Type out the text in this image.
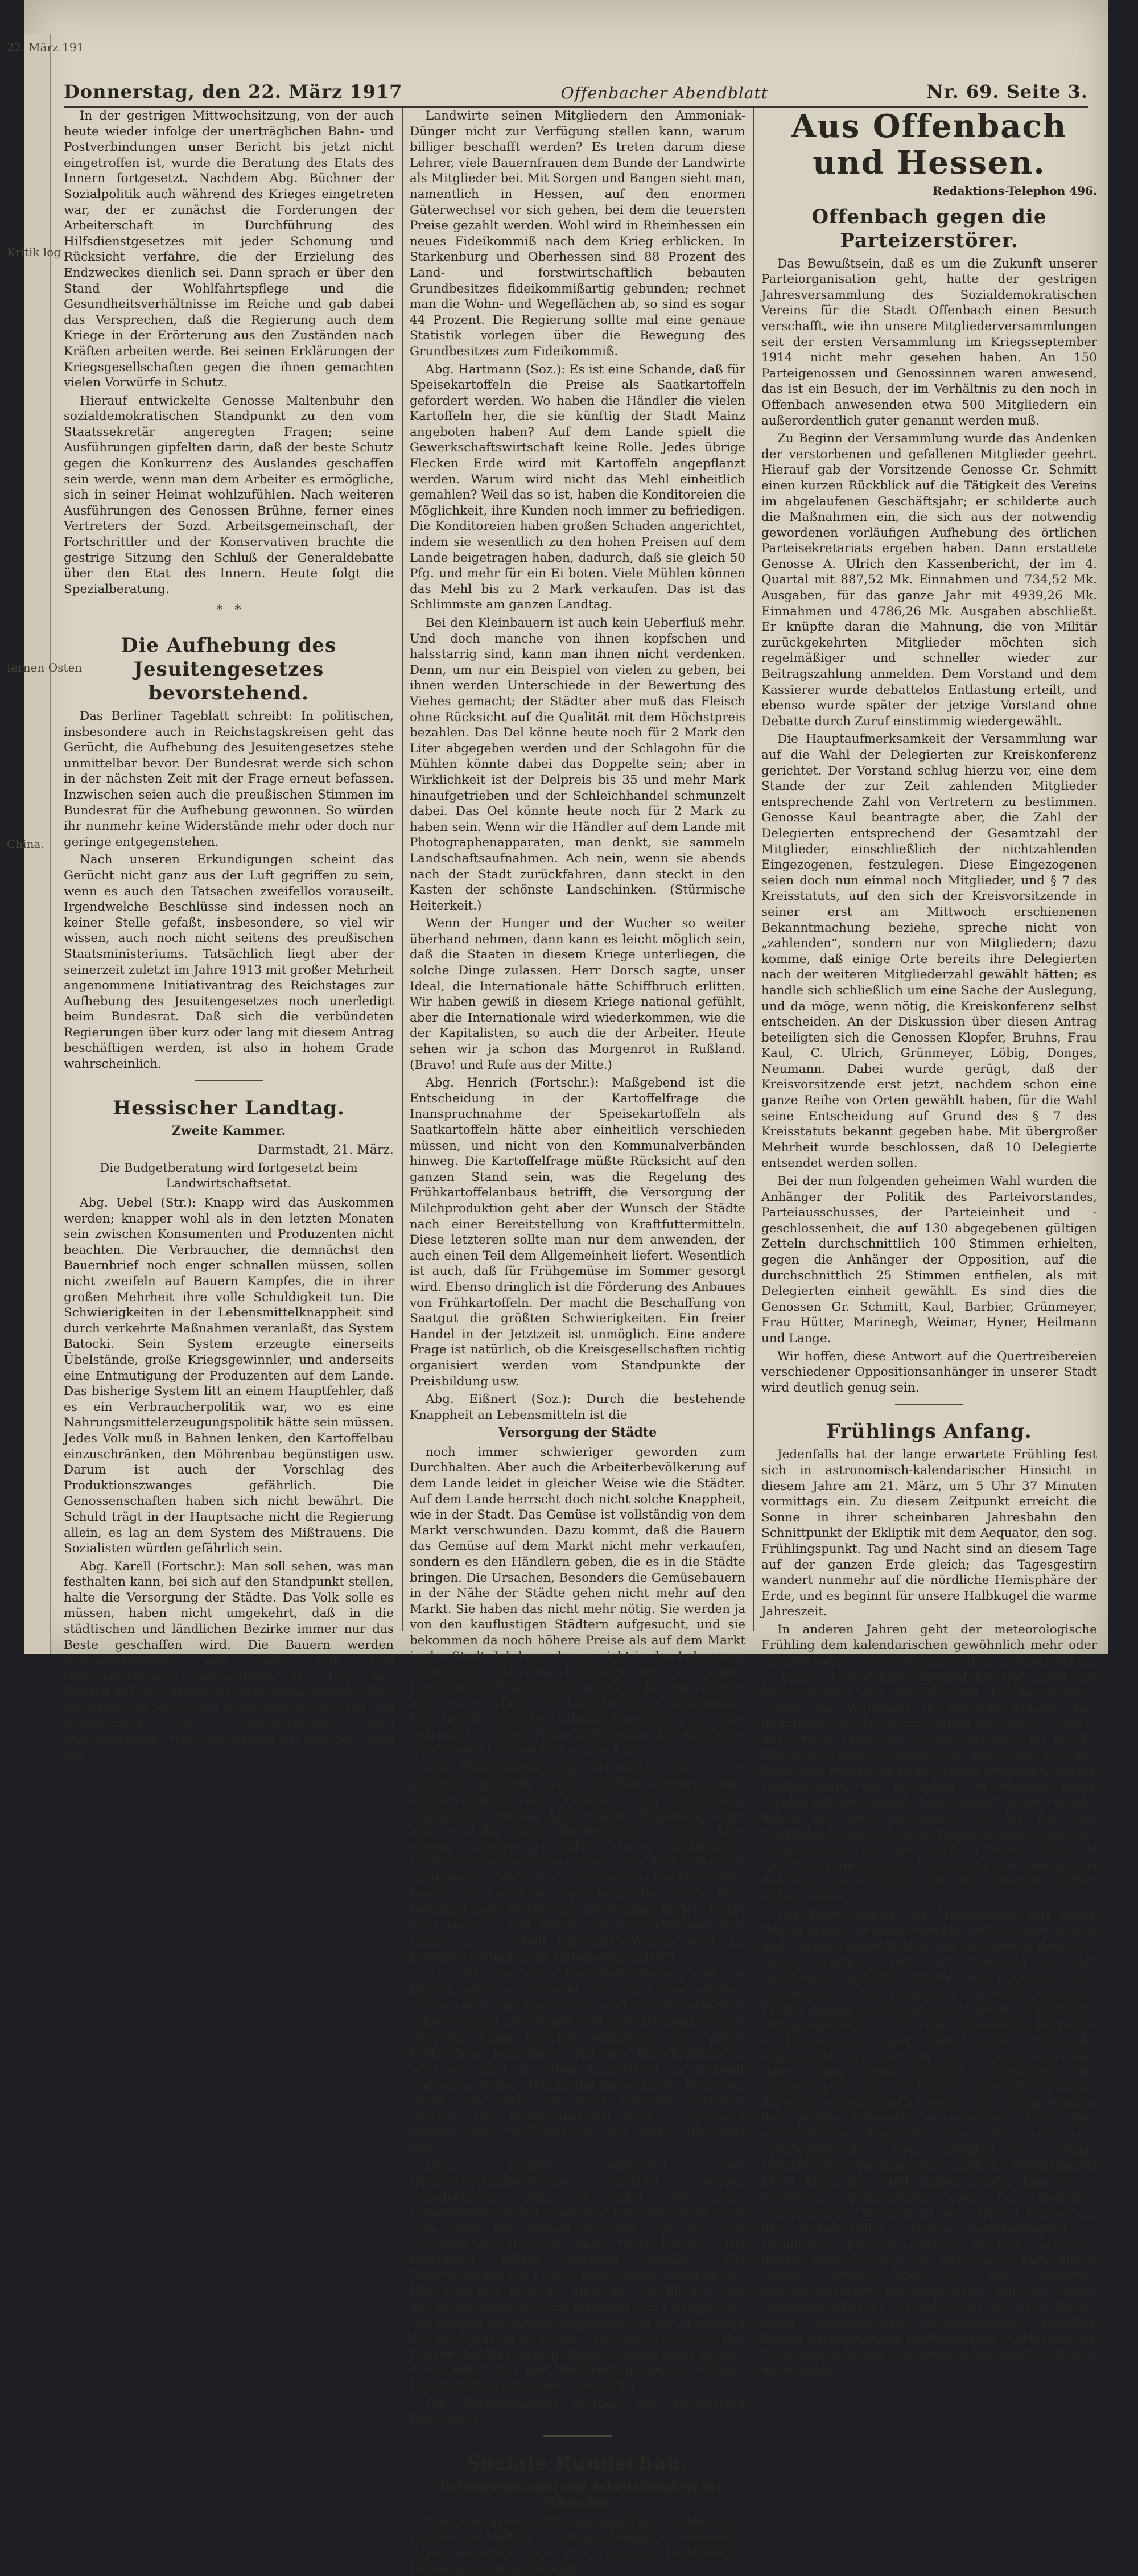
22. März 191
Kritik log
fernen Osten
China.
Donnerstag, den 22. März 1917	Offenbacher Abendblatt	Nr. 69. Seite 3.

In der gestrigen Mittwochsitzung, von der auch heute wieder infolge der unerträglichen Bahn- und Postverbindungen unser Bericht bis jetzt nicht eingetroffen ist, wurde die Beratung des Etats des Innern fortgesetzt. Nachdem Abg. Büchner der Sozialpolitik auch während des Krieges eingetreten war, der er zunächst die Forderungen der Arbeiterschaft in Durchführung des Hilfsdienstgesetzes mit jeder Schonung und Rücksicht verfahre, die der Erzielung des Endzweckes dienlich sei. Dann sprach er über den Stand der Wohlfahrtspflege und die Gesundheitsverhältnisse im Reiche und gab dabei das Versprechen, daß die Regierung auch dem Kriege in der Erörterung aus den Zuständen nach Kräften arbeiten werde. Bei seinen Erklärungen der Kriegsgesellschaften gegen die ihnen gemachten vielen Vorwürfe in Schutz.

Hierauf entwickelte Genosse Maltenbuhr den sozialdemokratischen Standpunkt zu den vom Staatssekretär angeregten Fragen; seine Ausführungen gipfelten darin, daß der beste Schutz gegen die Konkurrenz des Auslandes geschaffen sein werde, wenn man dem Arbeiter es ermögliche, sich in seiner Heimat wohlzufühlen. Nach weiteren Ausführungen des Genossen Brühne, ferner eines Vertreters der Sozd. Arbeitsgemeinschaft, der Fortschrittler und der Konservativen brachte die gestrige Sitzung den Schluß der Generaldebatte über den Etat des Innern. Heute folgt die Spezialberatung.

*   *
Die Aufhebung des Jesuitengesetzes bevorstehend.

Das Berliner Tageblatt schreibt: In politischen, insbesondere auch in Reichstagskreisen geht das Gerücht, die Aufhebung des Jesuitengesetzes stehe unmittelbar bevor. Der Bundesrat werde sich schon in der nächsten Zeit mit der Frage erneut befassen. Inzwischen seien auch die preußischen Stimmen im Bundesrat für die Aufhebung gewonnen. So würden ihr nunmehr keine Widerstände mehr oder doch nur geringe entgegenstehen.

Nach unseren Erkundigungen scheint das Gerücht nicht ganz aus der Luft gegriffen zu sein, wenn es auch den Tatsachen zweifellos vorauseilt. Irgendwelche Beschlüsse sind indessen noch an keiner Stelle gefaßt, insbesondere, so viel wir wissen, auch noch nicht seitens des preußischen Staatsministeriums. Tatsächlich liegt aber der seinerzeit zuletzt im Jahre 1913 mit großer Mehrheit angenommene Initiativantrag des Reichstages zur Aufhebung des Jesuitengesetzes noch unerledigt beim Bundesrat. Daß sich die verbündeten Regierungen über kurz oder lang mit diesem Antrag beschäftigen werden, ist also in hohem Grade wahrscheinlich.

Hessischer Landtag.
Zweite Kammer.
Darmstadt, 21. März.
Die Budgetberatung wird fortgesetzt beim Landwirtschaftsetat.

Abg. Uebel (Str.): Knapp wird das Auskommen werden; knapper wohl als in den letzten Monaten sein zwischen Konsumenten und Produzenten nicht beachten. Die Verbraucher, die demnächst den Bauernbrief noch enger schnallen müssen, sollen nicht zweifeln auf Bauern Kampfes, die in ihrer großen Mehrheit ihre volle Schuldigkeit tun. Die Schwierigkeiten in der Lebensmittelknappheit sind durch verkehrte Maßnahmen veranlaßt, das System Batocki. Sein System erzeugte einerseits Übelstände, große Kriegsgewinnler, und anderseits eine Entmutigung der Produzenten auf dem Lande. Das bisherige System litt an einem Hauptfehler, daß es ein Verbraucherpolitik war, wo es eine Nahrungsmittelerzeugungspolitik hätte sein müssen. Jedes Volk muß in Bahnen lenken, den Kartoffelbau einzuschränken, den Möhrenbau begünstigen usw. Darum ist auch der Vorschlag des Produktionszwanges gefährlich. Die Genossenschaften haben sich nicht bewährt. Die Schuld trägt in der Hauptsache nicht die Regierung allein, es lag an dem System des Mißtrauens. Die Sozialisten würden gefährlich sein.

Abg. Karell (Fortschr.): Man soll sehen, was man festhalten kann, bei sich auf den Standpunkt stellen, halte die Versorgung der Städte. Das Volk solle es müssen, haben nicht umgekehrt, daß in die städtischen und ländlichen Bezirke immer nur das Beste geschaffen wird. Die Bauern werden zusammenstehen und sich mit den Industriearbeitern verständigen. Die Lage der Bauern auf dem Lande ist nicht mehr einfach. Aber die Kritik mit Ruhe, daß so ausgesprochen sind, die Bewältigung der Landwirtschaft muß unterschrieben. Wie aber kommt es, daß der Bund der

Landwirte seinen Mitgliedern den Ammoniak-Dünger nicht zur Verfügung stellen kann, warum billiger beschafft werden? Es treten darum diese Lehrer, viele Bauernfrauen dem Bunde der Landwirte als Mitglieder bei. Mit Sorgen und Bangen sieht man, namentlich in Hessen, auf den enormen Güterwechsel vor sich gehen, bei dem die teuersten Preise gezahlt werden. Wohl wird in Rheinhessen ein neues Fideikommiß nach dem Krieg erblicken. In Starkenburg und Oberhessen sind 88 Prozent des Land- und forstwirtschaftlich bebauten Grundbesitzes fideikommißartig gebunden; rechnet man die Wohn- und Wegeflächen ab, so sind es sogar 44 Prozent. Die Regierung sollte mal eine genaue Statistik vorlegen über die Bewegung des Grundbesitzes zum Fideikommiß.

Abg. Hartmann (Soz.): Es ist eine Schande, daß für Speisekartoffeln die Preise als Saatkartoffeln gefordert werden. Wo haben die Händler die vielen Kartoffeln her, die sie künftig der Stadt Mainz angeboten haben? Auf dem Lande spielt die Gewerkschaftswirtschaft keine Rolle. Jedes übrige Flecken Erde wird mit Kartoffeln angepflanzt werden. Warum wird nicht das Mehl einheitlich gemahlen? Weil das so ist, haben die Konditoreien die Möglichkeit, ihre Kunden noch immer zu befriedigen. Die Konditoreien haben großen Schaden angerichtet, indem sie wesentlich zu den hohen Preisen auf dem Lande beigetragen haben, dadurch, daß sie gleich 50 Pfg. und mehr für ein Ei boten. Viele Mühlen können das Mehl bis zu 2 Mark verkaufen. Das ist das Schlimmste am ganzen Landtag.

Bei den Kleinbauern ist auch kein Ueberfluß mehr. Und doch manche von ihnen kopfschen und halsstarrig sind, kann man ihnen nicht verdenken. Denn, um nur ein Beispiel von vielen zu geben, bei ihnen werden Unterschiede in der Bewertung des Viehes gemacht; der Städter aber muß das Fleisch ohne Rücksicht auf die Qualität mit dem Höchstpreis bezahlen. Das Del könne heute noch für 2 Mark den Liter abgegeben werden und der Schlagohn für die Mühlen könnte dabei das Doppelte sein; aber in Wirklichkeit ist der Delpreis bis 35 und mehr Mark hinaufgetrieben und der Schleichhandel schmunzelt dabei. Das Oel könnte heute noch für 2 Mark zu haben sein. Wenn wir die Händler auf dem Lande mit Photographenapparaten, man denkt, sie sammeln Landschaftsaufnahmen. Ach nein, wenn sie abends nach der Stadt zurückfahren, dann steckt in den Kasten der schönste Landschinken. (Stürmische Heiterkeit.)

Wenn der Hunger und der Wucher so weiter überhand nehmen, dann kann es leicht möglich sein, daß die Staaten in diesem Kriege unterliegen, die solche Dinge zulassen. Herr Dorsch sagte, unser Ideal, die Internationale hätte Schiffbruch erlitten. Wir haben gewiß in diesem Kriege national gefühlt, aber die Internationale wird wiederkommen, wie die der Kapitalisten, so auch die der Arbeiter. Heute sehen wir ja schon das Morgenrot in Rußland. (Bravo! und Rufe aus der Mitte.)

Abg. Henrich (Fortschr.): Maßgebend ist die Entscheidung in der Kartoffelfrage die Inanspruchnahme der Speisekartoffeln als Saatkartoffeln hätte aber einheitlich verschieden müssen, und nicht von den Kommunalverbänden hinweg. Die Kartoffelfrage müßte Rücksicht auf den ganzen Stand sein, was die Regelung des Frühkartoffelanbaus betrifft, die Versorgung der Milchproduktion geht aber der Wunsch der Städte nach einer Bereitstellung von Kraftfuttermitteln. Diese letzteren sollte man nur dem anwenden, der auch einen Teil dem Allgemeinheit liefert. Wesentlich ist auch, daß für Frühgemüse im Sommer gesorgt wird. Ebenso dringlich ist die Förderung des Anbaues von Frühkartoffeln. Der macht die Beschaffung von Saatgut die größten Schwierigkeiten. Ein freier Handel in der Jetztzeit ist unmöglich. Eine andere Frage ist natürlich, ob die Kreisgesellschaften richtig organisiert werden vom Standpunkte der Preisbildung usw.

Abg. Eißnert (Soz.): Durch die bestehende Knappheit an Lebensmitteln ist die

Versorgung der Städte

noch immer schwieriger geworden zum Durchhalten. Aber auch die Arbeiterbevölkerung auf dem Lande leidet in gleicher Weise wie die Städter. Auf dem Lande herrscht doch nicht solche Knappheit, wie in der Stadt. Das Gemüse ist vollständig von dem Markt verschwunden. Dazu kommt, daß die Bauern das Gemüse auf dem Markt nicht mehr verkaufen, sondern es den Händlern geben, die es in die Städte bringen. Die Ursachen, Besonders die Gemüsebauern in der Nähe der Städte gehen nicht mehr auf den Markt. Sie haben das nicht mehr nötig. Sie werden ja von den kauflustigen Städtern aufgesucht, und sie bekommen da noch höhere Preise als auf dem Markt in der Stadt. Ich kann darum nicht in das Lobgesang einstimmen, daß die Landwirte und die ganze Landwirtschaft patriotisch handeln. Ich muß darum nicht in das Lied der Landwirtschaft einstimmen. Man hat die amtliche Ordnung festgestellt, daß man sich nicht in dieser Weise helfen kann. Die Kartoffeln werden nicht ausreichen bis zur Ernte.

Die Fleischversorgung ist immer noch nicht genügend geregelt. In den Städten kommen ganze Wochen hindurch kein Fleisch an die Bevölkerung abgegeben werden. Aber unsere Regierung sorgt nicht, daß die Schuld der Behörden in Berlin. Aber unsere Regierung hätte durch rechtzeitige Vorkommnisse verhüten müssen. Es darf sich nicht wiederholen, daß die preußischen Nachbarstädte besser davon sind als unsere hessischen Städte. Man bekommt jede Woche nur 50 Gramm Butter. Dabei wird noch so viel Butter auf Schleichwegen vom Lande in die Stadt gebracht! Warum wird die Butterverteilung nicht anders organisiert?

Ich will aber doch hier hervorheben, daß die Bauern nicht so schlecht sind, wie man glauben machen will. Die Ausnahmen sind selbstverständlich schwer genug. Der Bauer sagt sich, ich muß ja doch abgeben, darum soll ich wenigstens einen guten Preis dafür bekommen. Mit den Einschränkungen wird es auch bei den Landwirten in Zukunft sparsamer gehen. Der kleine Bauer in der Nähe der Stadt muß auch erst mehr Fürsorge getroffen werden. Die Kriegswirtschaft muß so geregelt werden, daß die Ernährung des Volkes gesichert wird.

Herr Dorsch wünschte, der Genossenschaftsgedanke möchte wieder verschwinden, denn er habe sich keine Unannehmlichkeiten erwiesen. Das darf doch nicht sein; denn wir müssen uns der Lage der Zeit anpassen und dann in seiner Weise handeln. Die Preisfrage müsse geregelt werden. Die Stadtverwaltungen sollten mehr Mittel bereitstellen. Man solle sich nicht der Tatsache verschließen, daß die Ernährungsfrage die wichtigste des Krieges ist. Wir müssen alle Kräfte anspannen, um die Ernährung der Bevölkerung zu sichern. Die Regierung muß den Herren den Weg weisen, damit es ihnen nicht gelingt, durch den Druck der Bevölkerung von den nötigen Lebensmitteln abzuziehen. (Beifall.)

Die Verhandlungen werden am Donnerstag fortgeführt.

Soziale Rundschau.
Rohwarenmangel und Arbeitslosigkeit in Schweden.

Eine der größten Margarinefabriken Schwedens, „Lenith“ in Malmö, hat wegen Mangel an Rohwaren ihrem gesamten, aus 200 Personen bestehenden Fabrikspersonal gekündigt.

Aus Offenbach und Hessen.
Redaktions-Telephon 496.
Offenbach gegen die Parteizerstörer.

Das Bewußtsein, daß es um die Zukunft unserer Parteiorganisation geht, hatte der gestrigen Jahresversammlung des Sozialdemokratischen Vereins für die Stadt Offenbach einen Besuch verschafft, wie ihn unsere Mitgliederversammlungen seit der ersten Versammlung im Kriegsseptember 1914 nicht mehr gesehen haben. An 150 Parteigenossen und Genossinnen waren anwesend, das ist ein Besuch, der im Verhältnis zu den noch in Offenbach anwesenden etwa 500 Mitgliedern ein außerordentlich guter genannt werden muß.

Zu Beginn der Versammlung wurde das Andenken der verstorbenen und gefallenen Mitglieder geehrt. Hierauf gab der Vorsitzende Genosse Gr. Schmitt einen kurzen Rückblick auf die Tätigkeit des Vereins im abgelaufenen Geschäftsjahr; er schilderte auch die Maßnahmen ein, die sich aus der notwendig gewordenen vorläufigen Aufhebung des örtlichen Parteisekretariats ergeben haben. Dann erstattete Genosse A. Ulrich den Kassenbericht, der im 4. Quartal mit 887,52 Mk. Einnahmen und 734,52 Mk. Ausgaben, für das ganze Jahr mit 4939,26 Mk. Einnahmen und 4786,26 Mk. Ausgaben abschließt. Er knüpfte daran die Mahnung, die von Militär zurückgekehrten Mitglieder möchten sich regelmäßiger und schneller wieder zur Beitragszahlung anmelden. Dem Vorstand und dem Kassierer wurde debattelos Entlastung erteilt, und ebenso wurde später der jetzige Vorstand ohne Debatte durch Zuruf einstimmig wiedergewählt.

Die Hauptaufmerksamkeit der Versammlung war auf die Wahl der Delegierten zur Kreiskonferenz gerichtet. Der Vorstand schlug hierzu vor, eine dem Stande der zur Zeit zahlenden Mitglieder entsprechende Zahl von Vertretern zu bestimmen. Genosse Kaul beantragte aber, die Zahl der Delegierten entsprechend der Gesamtzahl der Mitglieder, einschließlich der nichtzahlenden Eingezogenen, festzulegen. Diese Eingezogenen seien doch nun einmal noch Mitglieder, und § 7 des Kreisstatuts, auf den sich der Kreisvorsitzende in seiner erst am Mittwoch erschienenen Bekanntmachung beziehe, spreche nicht von „zahlenden“, sondern nur von Mitgliedern; dazu komme, daß einige Orte bereits ihre Delegierten nach der weiteren Mitgliederzahl gewählt hätten; es handle sich schließlich um eine Sache der Auslegung, und da möge, wenn nötig, die Kreiskonferenz selbst entscheiden. An der Diskussion über diesen Antrag beteiligten sich die Genossen Klopfer, Bruhns, Frau Kaul, C. Ulrich, Grünmeyer, Löbig, Donges, Neumann. Dabei wurde gerügt, daß der Kreisvorsitzende erst jetzt, nachdem schon eine ganze Reihe von Orten gewählt haben, für die Wahl seine Entscheidung auf Grund des § 7 des Kreisstatuts bekannt gegeben habe. Mit übergroßer Mehrheit wurde beschlossen, daß 10 Delegierte entsendet werden sollen.

Bei der nun folgenden geheimen Wahl wurden die Anhänger der Politik des Parteivorstandes, Parteiausschusses, der Parteieinheit und -geschlossenheit, die auf 130 abgegebenen gültigen Zetteln durchschnittlich 100 Stimmen erhielten, gegen die Anhänger der Opposition, auf die durchschnittlich 25 Stimmen entfielen, als mit Delegierten einheit gewählt. Es sind dies die Genossen Gr. Schmitt, Kaul, Barbier, Grünmeyer, Frau Hütter, Marinegh, Weimar, Hyner, Heilmann und Lange.

Wir hoffen, diese Antwort auf die Quertreibereien verschiedener Oppositionsanhänger in unserer Stadt wird deutlich genug sein.

Frühlings Anfang.

Jedenfalls hat der lange erwartete Frühling fest sich in astronomisch-kalendarischer Hinsicht in diesem Jahre am 21. März, um 5 Uhr 37 Minuten vormittags ein. Zu diesem Zeitpunkt erreicht die Sonne in ihrer scheinbaren Jahresbahn den Schnittpunkt der Ekliptik mit dem Aequator, den sog. Frühlingspunkt. Tag und Nacht sind an diesem Tage auf der ganzen Erde gleich; das Tagesgestirn wandert nunmehr auf die nördliche Hemisphäre der Erde, und es beginnt für unsere Halbkugel die warme Jahreszeit.

In anderen Jahren geht der meteorologische Frühling dem kalendarischen gewöhnlich mehr oder weniger voraus. Sein Beginn wird ja auch bereits am 1. März zu gerechnet; diesmal hat der harte und lange Winter den tatsächlichen Frühlingsbeginn, soweit die Witterung in Betracht kommt, fast unmittelbar an das Aequinoktium verschoben. Erst in den letzten Tagen hat es den Anschein, als sei die Macht des Winters gebrochen; abgesehen von den klimatisch besonders begünstigten äußersten Westen Deutschlands, wo es schon vor einigen Tagen vorübergehend einmal frühlingshaft warm wurde, haben sich erst unmittelbar vor der Tag- und Nachtgleiche etwas höhere Temperaturen eingestellt. Temperaturen, die zwar noch in keiner Weise als hoch bezeichnet werden können, die aber wenigstens das Nahen des Frühlings mit ihren lindernden Lüften ahnen lassen.

Der lange Winter hat Mitteleuropa seit vielen Jahren keinen so ausdauernden und strengen Winter mehr erlebt, einen Winter, der bei seinem Beginn in nichts erkennen ließ, wie böswillig er sich nachträglich gebärden würde. War doch der erste Wintermonat, der Dezember, für mild; schärfere Fröste kamen überhaupt nicht, solche Nachtfröste nur gelegentlich vor. Um die Jahreswende herrschte in Deutschland sogar einmal milde, stürmische Regenwetter, das erst um den 5. Januar sein Ende fand. Dann setzte ziemlich unvermittelt die Winterung ein, und im letzten Monatsdrittel wurde die Kälte außerordentlich stark, um Anfang Februar ihre größte Intensität zu erreichen. Dann kam eingetretenes Tauwetter war aber nur ein vorübergehendes. Zwar erfolgten nur geringe Unterbrechungen abgesehen, blieb die Witterung bis Mitte März kalt, und immer wieder kam es zu ergiebigen Schneefällen oder bei niedrigen Temperaturen. Vielfach ist der strenge Winter mit der ungewöhnlich starken Sonnentätigkeit in Verbindung gebracht worden, die sich gerade in diesem Winter gezeigt hat. Die strenge Kälte dieses Winters wurde aber mit dem Auftreten außerordentlicher Fleckengruppen auf der Sonne zusammengebracht. Trotzdem ist es nicht leicht, einen unmittelbaren Zusammenhang zwischen beiden Erscheinungen nachzuweisen. Nach früheren Erfahrungen lassen sich nämlich bestimmte Schlüsse nicht ziehen.
